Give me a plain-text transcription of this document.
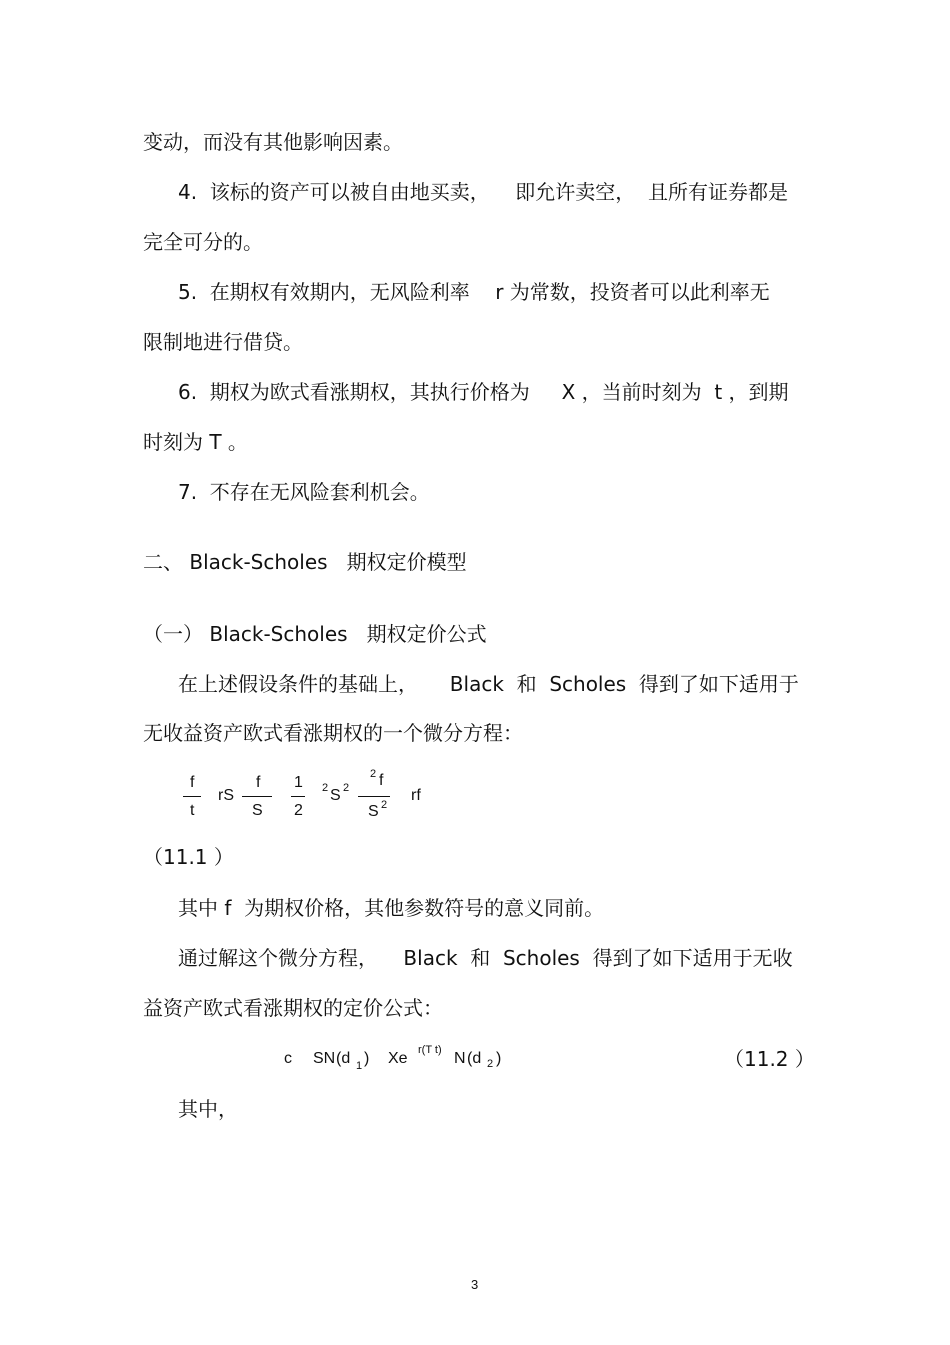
变动，而没有其他影响因素。
4.  该标的资产可以被自由地买卖，    即允许卖空，  且所有证券都是
完全可分的。
5.  在期权有效期内，无风险利率    r 为常数，投资者可以此利率无
限制地进行借贷。
6.  期权为欧式看涨期权，其执行价格为     X ，当前时刻为  t ，到期
时刻为 T 。
7.  不存在无风险套利机会。
二、 Black-Scholes   期权定价模型
（一） Black-Scholes   期权定价公式
在上述假设条件的基础上，     Black  和  Scholes  得到了如下适用于
无收益资产欧式看涨期权的一个微分方程：
f
t
rS
f
S
1
2
2 S 2
2 f
S 2
rf
（11.1 ）
其中 f  为期权价格，其他参数符号的意义同前。
通过解这个微分方程，    Black  和  Scholes  得到了如下适用于无收
益资产欧式看涨期权的定价公式：
c SN (d 1 ) Xe r(T t) N (d 2 )	（11.2 ）
其中，
3
